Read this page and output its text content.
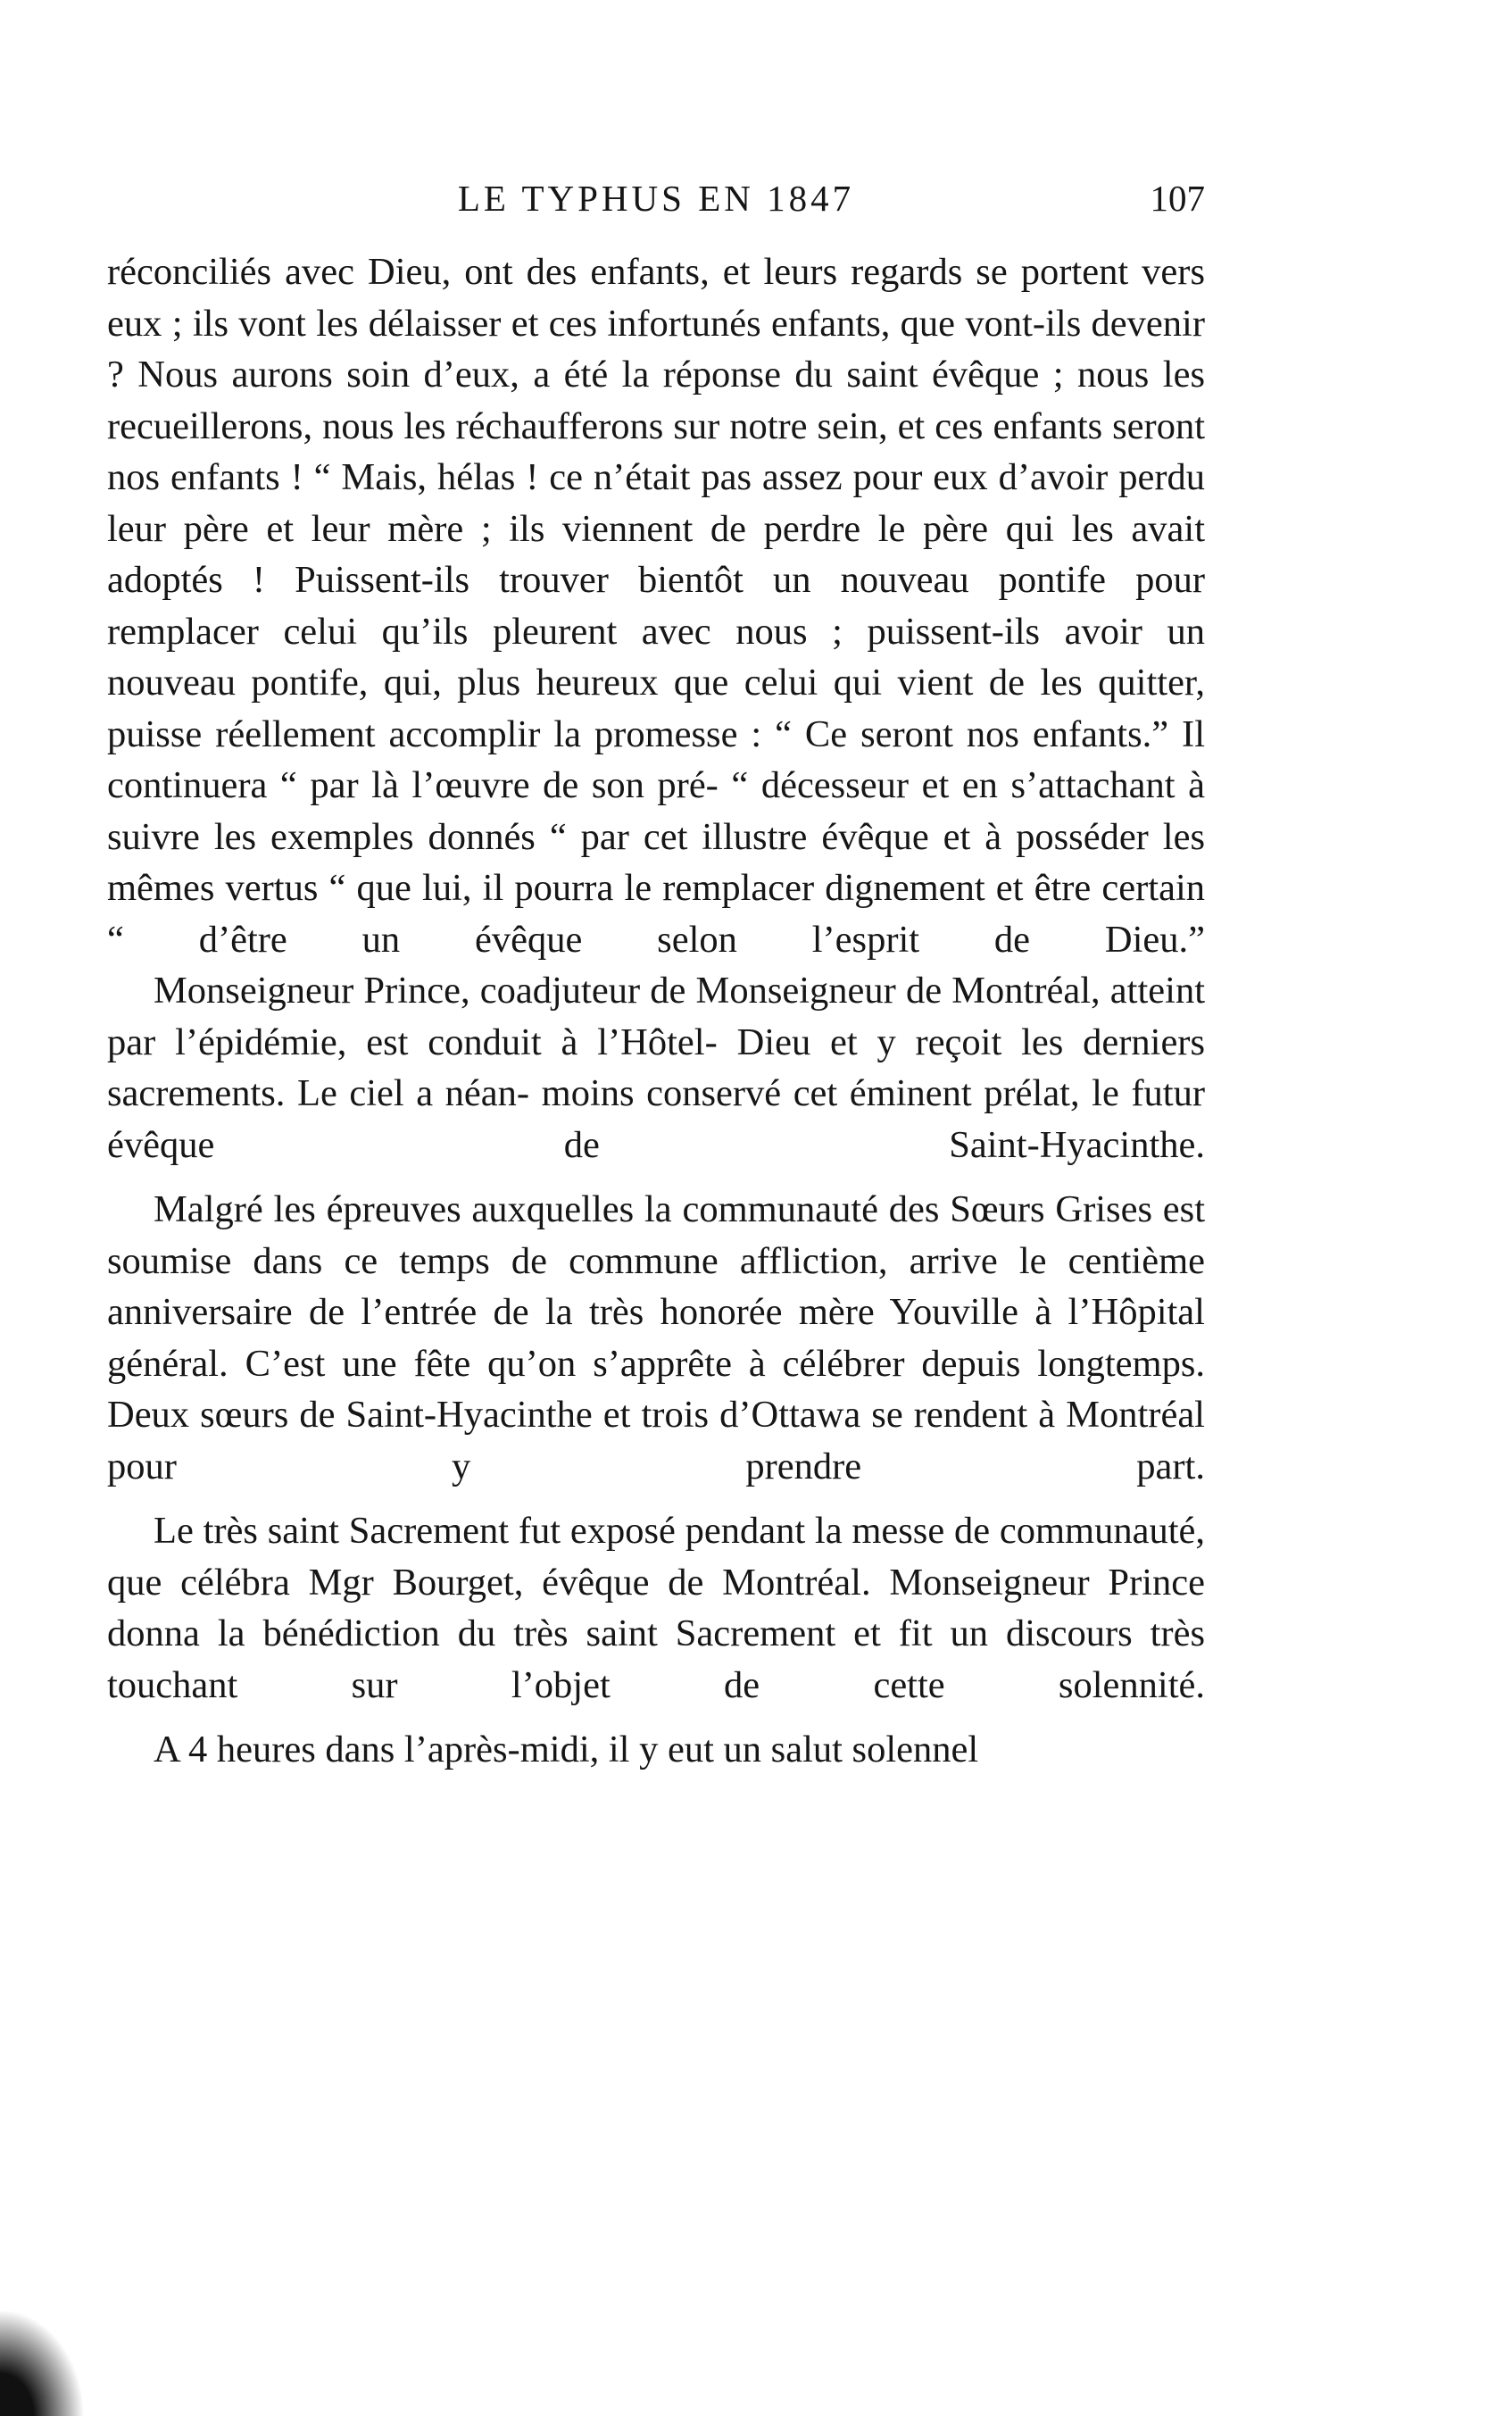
LE TYPHUS EN 1847	107

réconciliés avec Dieu, ont des enfants, et leurs regards se portent vers eux ; ils vont les délaisser et ces infortunés enfants, que vont-ils devenir ? Nous aurons soin d’eux, a été la réponse du saint évêque ; nous les recueillerons, nous les réchaufferons sur notre sein, et ces enfants seront nos enfants ! “ Mais, hélas ! ce n’était pas assez pour eux d’avoir perdu leur père et leur mère ; ils viennent de perdre le père qui les avait adoptés ! Puissent-ils trouver bientôt un nouveau pontife pour remplacer celui qu’ils pleurent avec nous ; puissent-ils avoir un nouveau pontife, qui, plus heureux que celui qui vient de les quitter, puisse réellement accomplir la promesse : “ Ce seront nos enfants.” Il continuera “ par là l’œuvre de son pré- “ décesseur et en s’attachant à suivre les exemples donnés “ par cet illustre évêque et à posséder les mêmes vertus “ que lui, il pourra le remplacer dignement et être certain “ d’être un évêque selon l’esprit de Dieu.”

Monseigneur Prince, coadjuteur de Monseigneur de Montréal, atteint par l’épidémie, est conduit à l’Hôtel- Dieu et y reçoit les derniers sacrements. Le ciel a néan- moins conservé cet éminent prélat, le futur évêque de	Saint-Hyacinthe.

Malgré les épreuves auxquelles la communauté des Sœurs Grises est soumise dans ce temps de commune affliction, arrive le centième anniversaire de l’entrée de la très honorée mère Youville à l’Hôpital général. C’est une fête qu’on s’apprête à célébrer depuis longtemps. Deux sœurs de Saint-Hyacinthe et trois d’Ottawa se rendent à Montréal pour y prendre part.

Le très saint Sacrement fut exposé pendant la messe de communauté, que célébra Mgr Bourget, évêque de Montréal. Monseigneur Prince donna la bénédiction du très saint Sacrement et fit un discours très touchant sur l’objet de	cette solennité.

A 4 heures dans l’après-midi, il y eut un salut solennel
